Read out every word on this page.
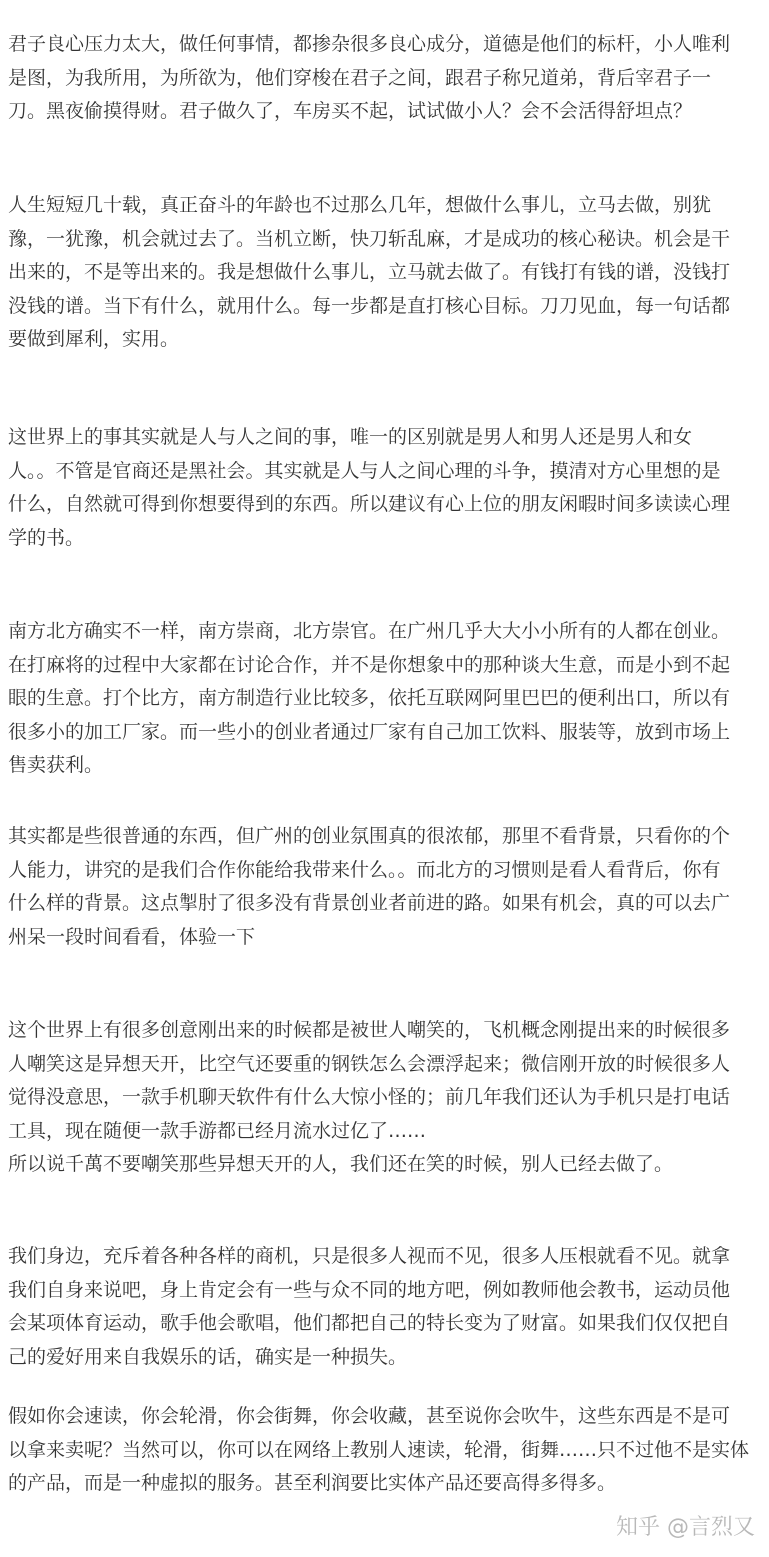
君子良心压力太大，做任何事情，都掺杂很多良心成分，道德是他们的标杆，小人唯利
是图，为我所用，为所欲为，他们穿梭在君子之间，跟君子称兄道弟，背后宰君子一
刀。黑夜偷摸得财。君子做久了，车房买不起，试试做小人？会不会活得舒坦点？
人生短短几十载，真正奋斗的年龄也不过那么几年，想做什么事儿，立马去做，别犹
豫，一犹豫，机会就过去了。当机立断，快刀斩乱麻，才是成功的核心秘诀。机会是干
出来的，不是等出来的。我是想做什么事儿，立马就去做了。有钱打有钱的谱，没钱打
没钱的谱。当下有什么，就用什么。每一步都是直打核心目标。刀刀见血，每一句话都
要做到犀利，实用。
这世界上的事其实就是人与人之间的事，唯一的区别就是男人和男人还是男人和女
人。。不管是官商还是黑社会。其实就是人与人之间心理的斗争，摸清对方心里想的是
什么，自然就可得到你想要得到的东西。所以建议有心上位的朋友闲暇时间多读读心理
学的书。
南方北方确实不一样，南方崇商，北方崇官。在广州几乎大大小小所有的人都在创业。
在打麻将的过程中大家都在讨论合作，并不是你想象中的那种谈大生意，而是小到不起
眼的生意。打个比方，南方制造行业比较多，依托互联网阿里巴巴的便利出口，所以有
很多小的加工厂家。而一些小的创业者通过厂家有自己加工饮料、服装等，放到市场上
售卖获利。
其实都是些很普通的东西，但广州的创业氛围真的很浓郁，那里不看背景，只看你的个
人能力，讲究的是我们合作你能给我带来什么。。而北方的习惯则是看人看背后，你有
什么样的背景。这点掣肘了很多没有背景创业者前进的路。如果有机会，真的可以去广
州呆一段时间看看，体验一下
这个世界上有很多创意刚出来的时候都是被世人嘲笑的，飞机概念刚提出来的时候很多
人嘲笑这是异想天开，比空气还要重的钢铁怎么会漂浮起来；微信刚开放的时候很多人
觉得没意思，一款手机聊天软件有什么大惊小怪的；前几年我们还认为手机只是打电话
工具，现在随便一款手游都已经月流水过亿了……
所以说千萬不要嘲笑那些异想天开的人，我们还在笑的时候，别人已经去做了。
我们身边，充斥着各种各样的商机，只是很多人视而不见，很多人压根就看不见。就拿
我们自身来说吧，身上肯定会有一些与众不同的地方吧，例如教师他会教书，运动员他
会某项体育运动，歌手他会歌唱，他们都把自己的特长变为了财富。如果我们仅仅把自
己的爱好用来自我娱乐的话，确实是一种损失。
假如你会速读，你会轮滑，你会街舞，你会收藏，甚至说你会吹牛，这些东西是不是可
以拿来卖呢？当然可以，你可以在网络上教别人速读，轮滑，街舞……只不过他不是实体
的产品，而是一种虚拟的服务。甚至利润要比实体产品还要高得多得多。
知乎 @言烈又
